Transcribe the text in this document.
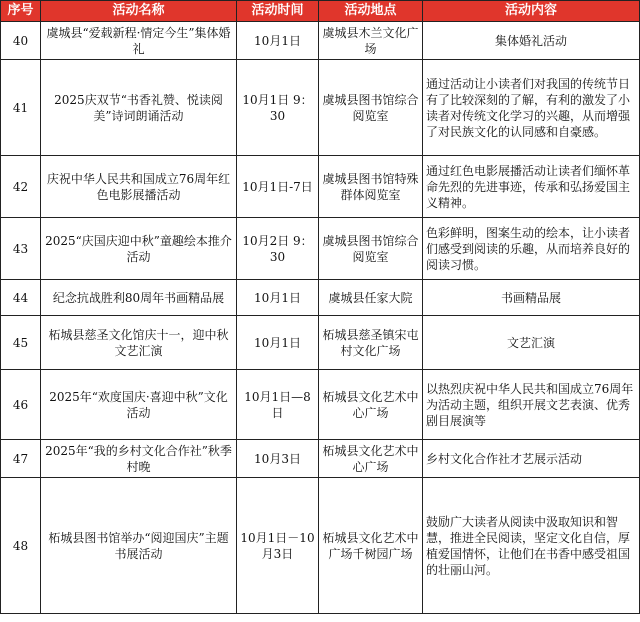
序号	活动名称	活动时间	活动地点	活动内容
40	虞城县“爱载新程·情定今生”集体婚礼	10月1日	虞城县木兰文化广场	集体婚礼活动
41	2025庆双节“书香礼赞、悦读阅美”诗词朗诵活动	10月1日 9：30	虞城县图书馆综合阅览室	通过活动让小读者们对我国的传统节日有了比较深刻的了解，有利的激发了小读者对传统文化学习的兴趣，从而增强了对民族文化的认同感和自豪感。
42	庆祝中华人民共和国成立76周年红色电影展播活动	10月1日-7日	虞城县图书馆特殊群体阅览室	通过红色电影展播活动让读者们缅怀革命先烈的先进事迹，传承和弘扬爱国主义精神。
43	2025“庆国庆迎中秋”童趣绘本推介活动	10月2日 9：30	虞城县图书馆综合阅览室	色彩鲜明，图案生动的绘本，让小读者们感受到阅读的乐趣，从而培养良好的阅读习惯。
44	纪念抗战胜利80周年书画精品展	10月1日	虞城县任家大院	书画精品展
45	柘城县慈圣文化馆庆十一，迎中秋文艺汇演	10月1日	柘城县慈圣镇宋屯村文化广场	文艺汇演
46	2025年“欢度国庆·喜迎中秋”文化活动	10月1日—8日	柘城县文化艺术中心广场	以热烈庆祝中华人民共和国成立76周年为活动主题，组织开展文艺表演、优秀剧目展演等
47	2025年“我的乡村文化合作社”秋季村晚	10月3日	柘城县文化艺术中心广场	乡村文化合作社才艺展示活动
48	柘城县图书馆举办“阅迎国庆”主题书展活动	10月1日－10月3日	柘城县文化艺术中广场千树园广场	鼓励广大读者从阅读中汲取知识和智慧，推进全民阅读，坚定文化自信，厚植爱国情怀，让他们在书香中感受祖国的壮丽山河。
